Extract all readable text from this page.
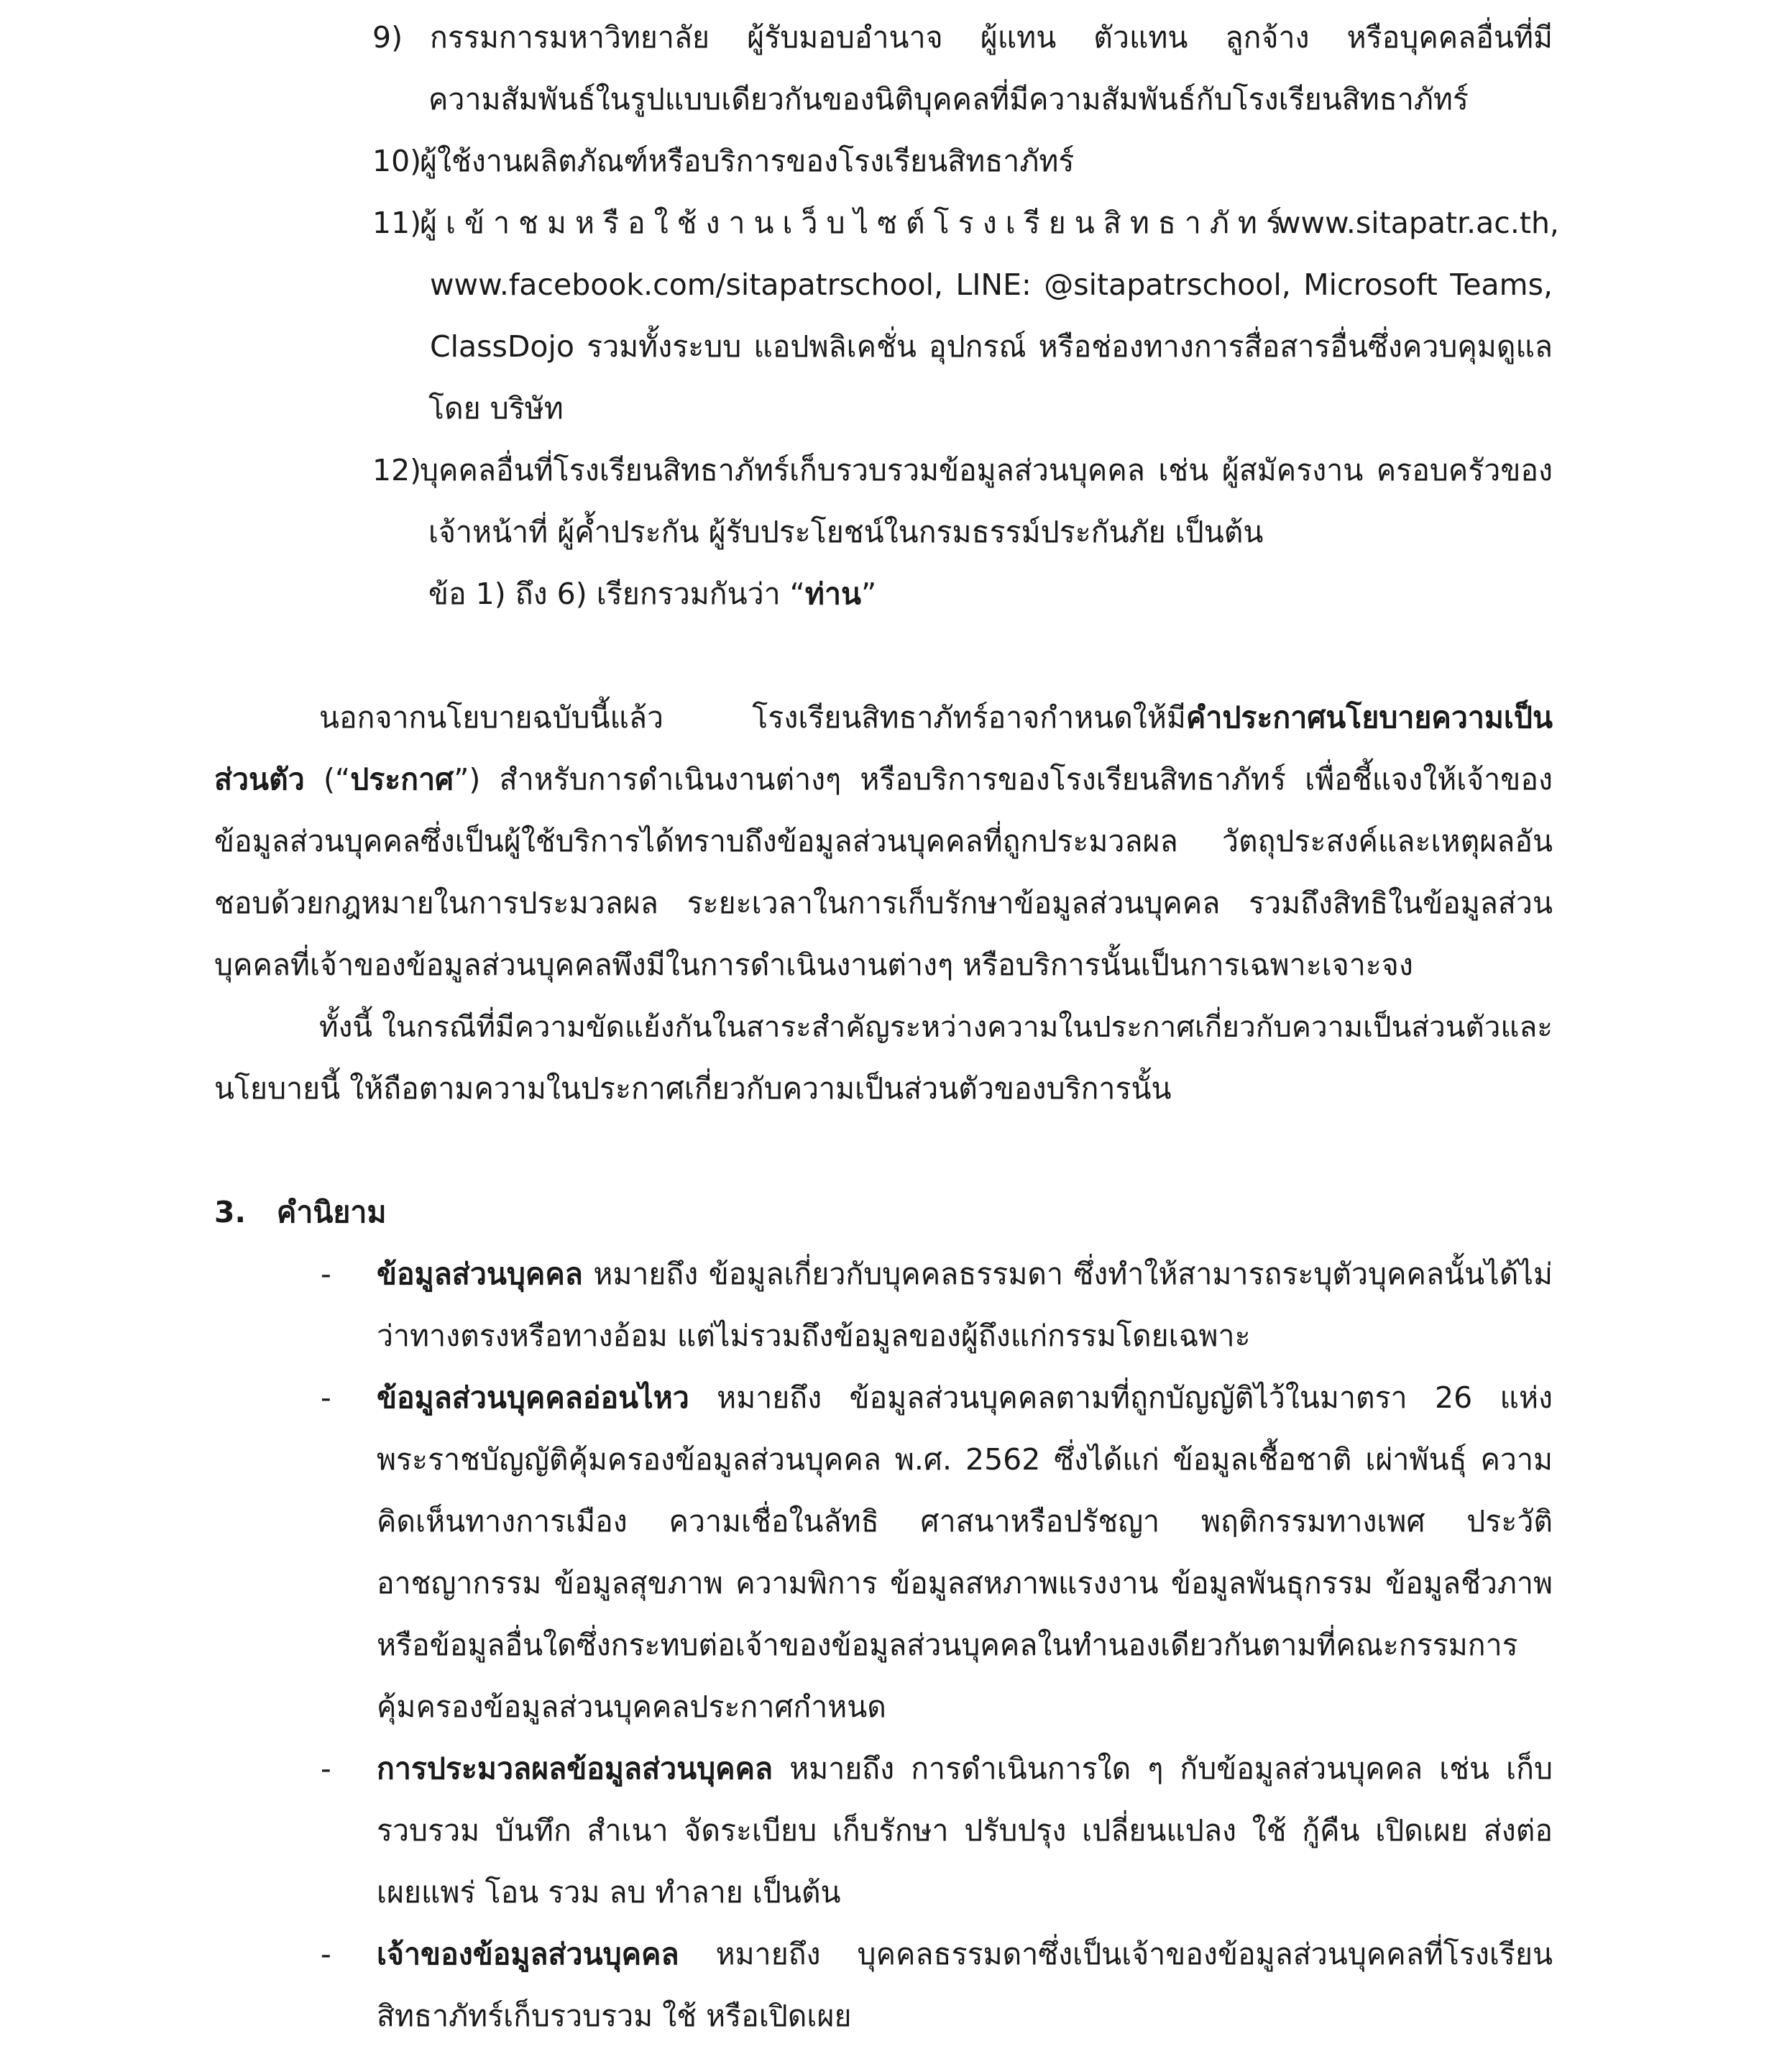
9) กรรมการมหาวิทยาลัย ผู้รับมอบอำนาจ ผู้แทน ตัวแทน ลูกจ้าง หรือบุคคลอื่นที่มี
ความสัมพันธ์ในรูปแบบเดียวกันของนิติบุคคลที่มีความสัมพันธ์กับโรงเรียนสิทธาภัทร์
10)
ผู้ใช้งานผลิตภัณฑ์หรือบริการของโรงเรียนสิทธาภัทร์
11)
ผู้เข้าชมหรือใช้งานเว็บไซต์โรงเรียนสิทธาภัทร์
www.sitapatr.ac.th,
www.facebook.com/sitapatrschool, LINE: @sitapatrschool, Microsoft Teams,
ClassDojo รวมทั้งระบบ แอปพลิเคชั่น อุปกรณ์ หรือช่องทางการสื่อสารอื่นซึ่งควบคุมดูแล
โดย บริษัท
12)
บุคคลอื่นที่โรงเรียนสิทธาภัทร์เก็บรวบรวมข้อมูลส่วนบุคคล เช่น ผู้สมัครงาน ครอบครัวของ
เจ้าหน้าที่ ผู้ค้ำประกัน ผู้รับประโยชน์ในกรมธรรม์ประกันภัย เป็นต้น
ข้อ 1) ถึง 6) เรียกรวมกันว่า “ท่าน”
นอกจากนโยบายฉบับนี้แล้ว โรงเรียนสิทธาภัทร์อาจกำหนดให้มีคำประกาศนโยบายความเป็น
ส่วนตัว (“ประกาศ”) สำหรับการดำเนินงานต่างๆ หรือบริการของโรงเรียนสิทธาภัทร์ เพื่อชี้แจงให้เจ้าของ
ข้อมูลส่วนบุคคลซึ่งเป็นผู้ใช้บริการได้ทราบถึงข้อมูลส่วนบุคคลที่ถูกประมวลผล วัตถุประสงค์และเหตุผลอัน
ชอบด้วยกฎหมายในการประมวลผล ระยะเวลาในการเก็บรักษาข้อมูลส่วนบุคคล รวมถึงสิทธิในข้อมูลส่วน
บุคคลที่เจ้าของข้อมูลส่วนบุคคลพึงมีในการดำเนินงานต่างๆ หรือบริการนั้นเป็นการเฉพาะเจาะจง
ทั้งนี้ ในกรณีที่มีความขัดแย้งกันในสาระสำคัญระหว่างความในประกาศเกี่ยวกับความเป็นส่วนตัวและ
นโยบายนี้ ให้ถือตามความในประกาศเกี่ยวกับความเป็นส่วนตัวของบริการนั้น
3.   คำนิยาม
- ข้อมูลส่วนบุคคล หมายถึง ข้อมูลเกี่ยวกับบุคคลธรรมดา ซึ่งทำให้สามารถระบุตัวบุคคลนั้นได้ไม่
ว่าทางตรงหรือทางอ้อม แต่ไม่รวมถึงข้อมูลของผู้ถึงแก่กรรมโดยเฉพาะ
- ข้อมูลส่วนบุคคลอ่อนไหว หมายถึง ข้อมูลส่วนบุคคลตามที่ถูกบัญญัติไว้ในมาตรา 26 แห่ง
พระราชบัญญัติคุ้มครองข้อมูลส่วนบุคคล พ.ศ. 2562 ซึ่งได้แก่ ข้อมูลเชื้อชาติ เผ่าพันธุ์ ความ
คิดเห็นทางการเมือง ความเชื่อในลัทธิ ศาสนาหรือปรัชญา พฤติกรรมทางเพศ ประวัติ
อาชญากรรม ข้อมูลสุขภาพ ความพิการ ข้อมูลสหภาพแรงงาน ข้อมูลพันธุกรรม ข้อมูลชีวภาพ
หรือข้อมูลอื่นใดซึ่งกระทบต่อเจ้าของข้อมูลส่วนบุคคลในทำนองเดียวกันตามที่คณะกรรมการ
คุ้มครองข้อมูลส่วนบุคคลประกาศกำหนด
- การประมวลผลข้อมูลส่วนบุคคล หมายถึง การดำเนินการใด ๆ กับข้อมูลส่วนบุคคล เช่น เก็บ
รวบรวม บันทึก สำเนา จัดระเบียบ เก็บรักษา ปรับปรุง เปลี่ยนแปลง ใช้ กู้คืน เปิดเผย ส่งต่อ
เผยแพร่ โอน รวม ลบ ทำลาย เป็นต้น
- เจ้าของข้อมูลส่วนบุคคล หมายถึง บุคคลธรรมดาซึ่งเป็นเจ้าของข้อมูลส่วนบุคคลที่โรงเรียน
สิทธาภัทร์เก็บรวบรวม ใช้ หรือเปิดเผย
